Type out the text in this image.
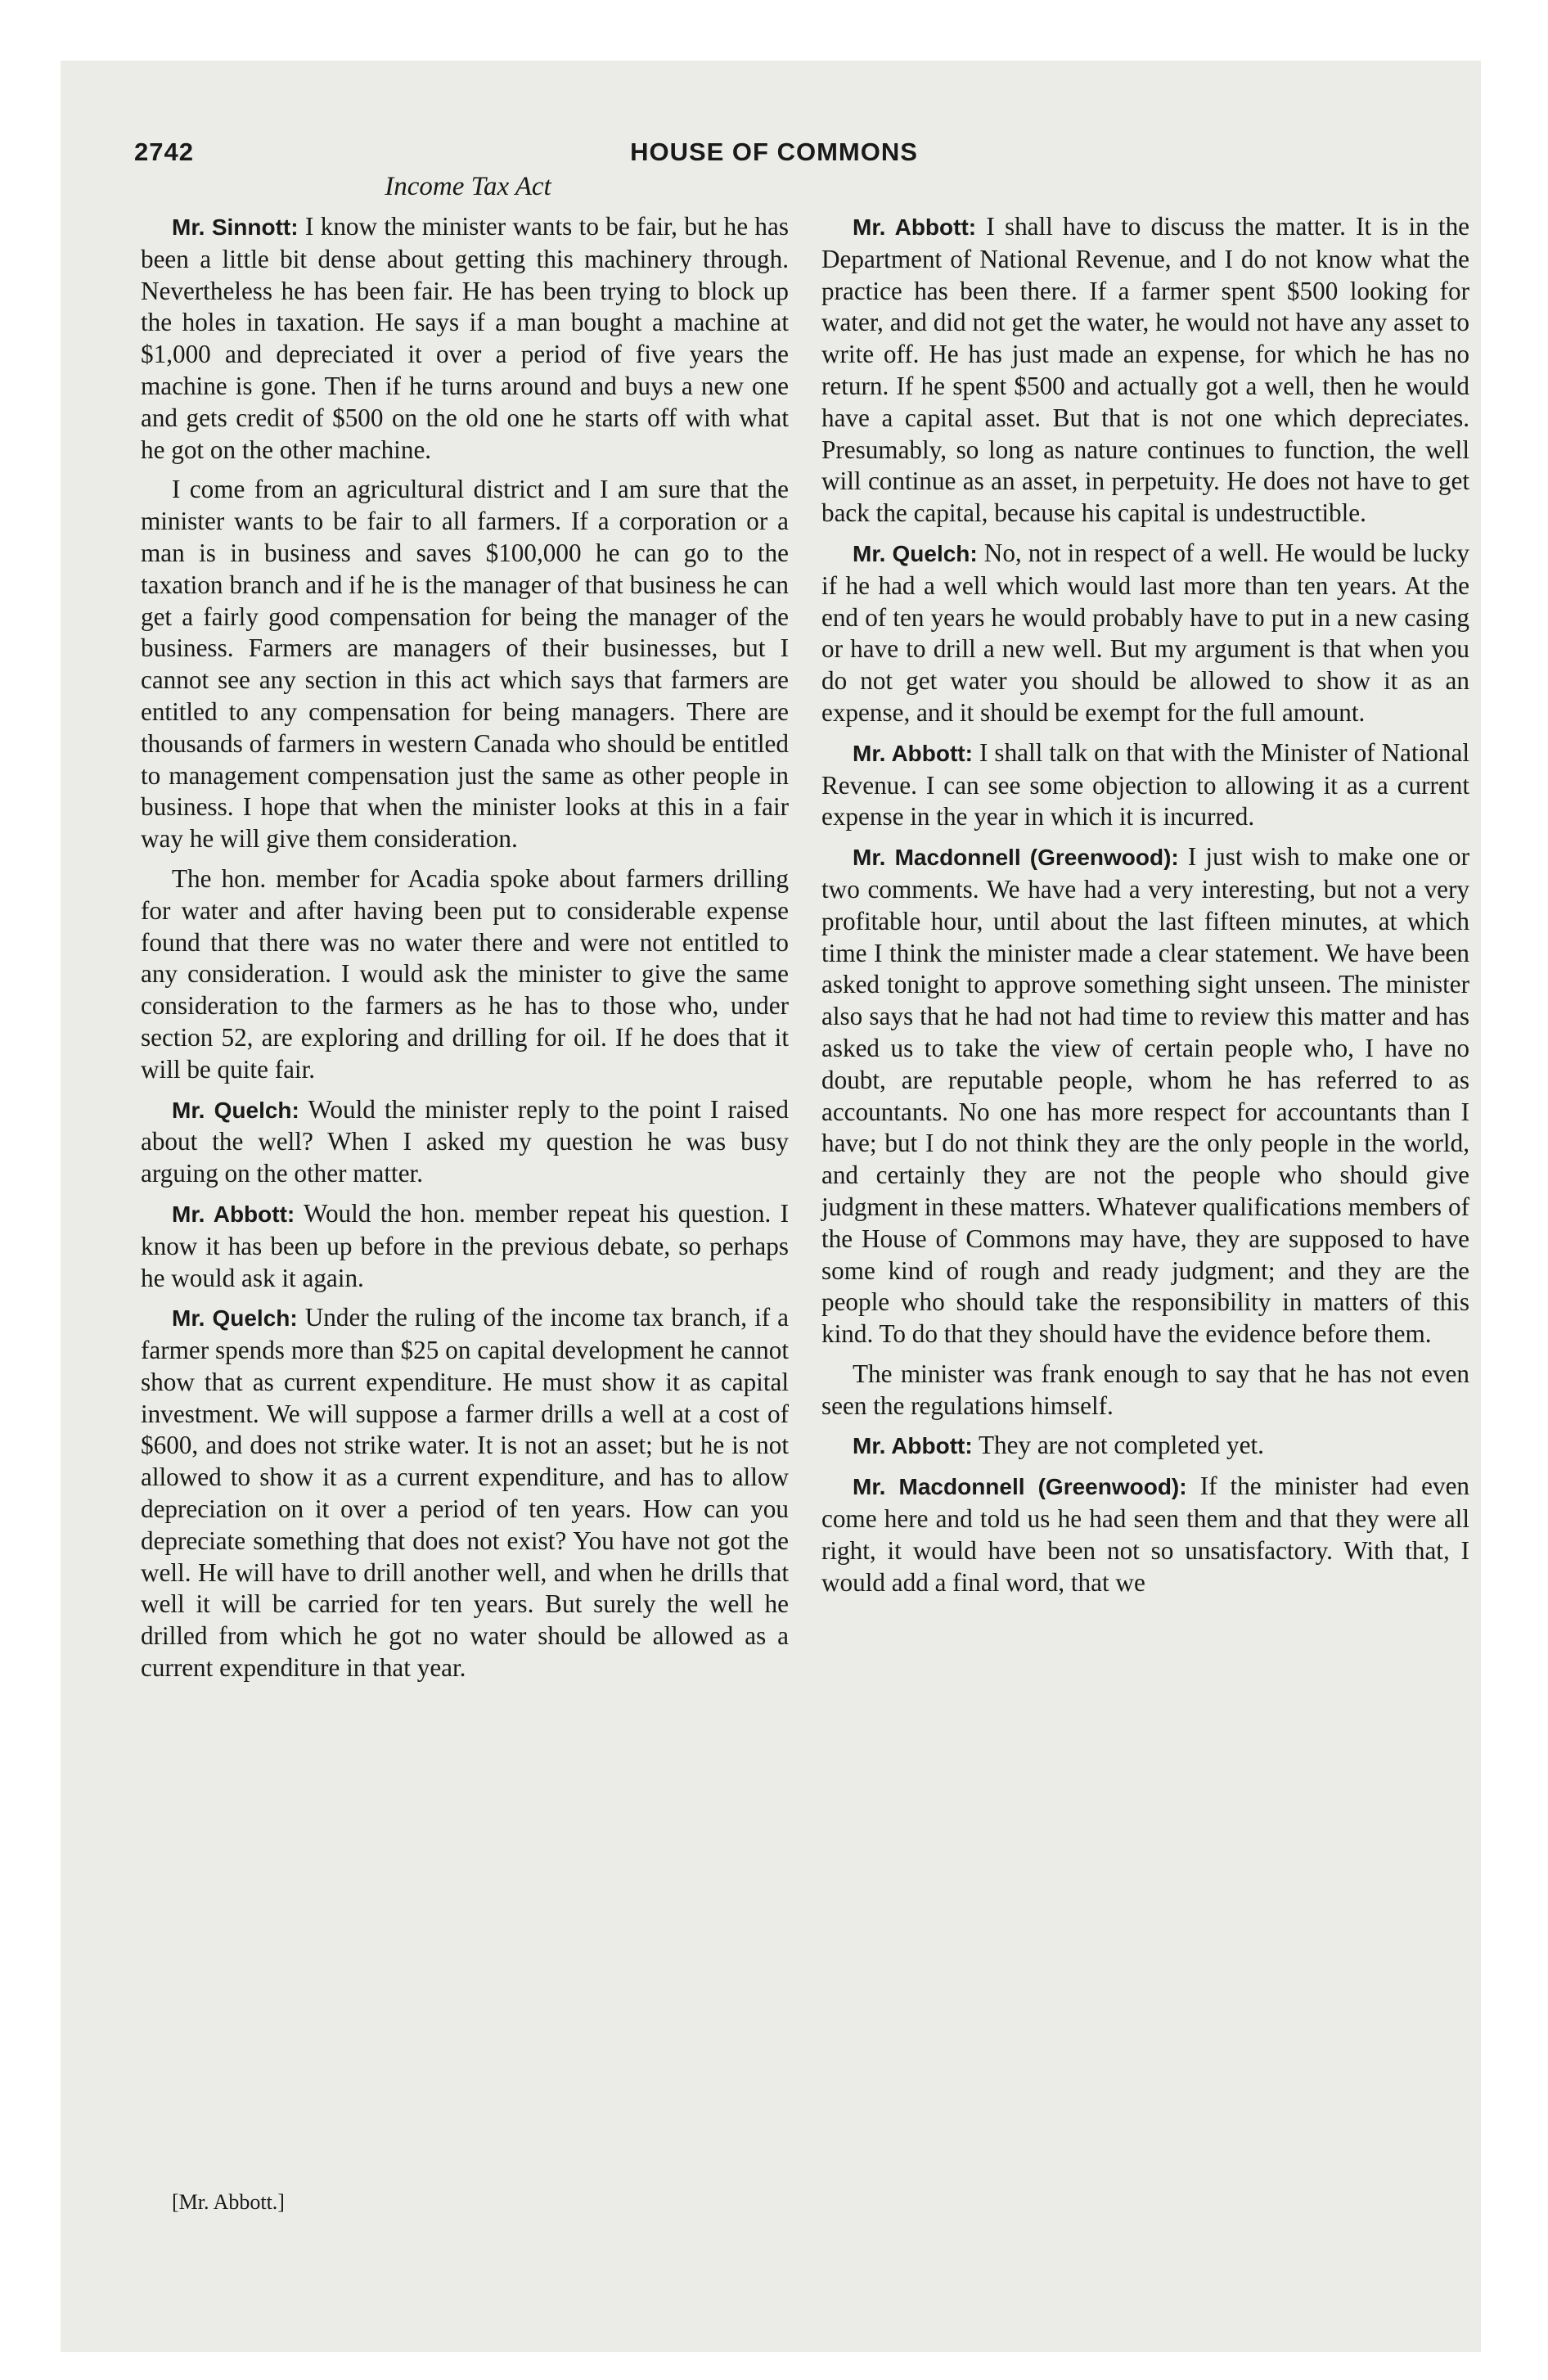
2742	HOUSE OF COMMONS
Income Tax Act

Mr. Sinnott: I know the minister wants to be fair, but he has been a little bit dense about getting this machinery through. Nevertheless he has been fair. He has been trying to block up the holes in taxation. He says if a man bought a machine at $1,000 and depreciated it over a period of five years the machine is gone. Then if he turns around and buys a new one and gets credit of $500 on the old one he starts off with what he got on the other machine.

I come from an agricultural district and I am sure that the minister wants to be fair to all farmers. If a corporation or a man is in business and saves $100,000 he can go to the taxation branch and if he is the manager of that business he can get a fairly good compensation for being the manager of the business. Farmers are managers of their businesses, but I cannot see any section in this act which says that farmers are entitled to any compensation for being managers. There are thousands of farmers in western Canada who should be entitled to management compensation just the same as other people in business. I hope that when the minister looks at this in a fair way he will give them consideration.

The hon. member for Acadia spoke about farmers drilling for water and after having been put to considerable expense found that there was no water there and were not entitled to any consideration. I would ask the minister to give the same consideration to the farmers as he has to those who, under section 52, are exploring and drilling for oil. If he does that it will be quite fair.

Mr. Quelch: Would the minister reply to the point I raised about the well? When I asked my question he was busy arguing on the other matter.

Mr. Abbott: Would the hon. member repeat his question. I know it has been up before in the previous debate, so perhaps he would ask it again.

Mr. Quelch: Under the ruling of the income tax branch, if a farmer spends more than $25 on capital development he cannot show that as current expenditure. He must show it as capital investment. We will suppose a farmer drills a well at a cost of $600, and does not strike water. It is not an asset; but he is not allowed to show it as a current expenditure, and has to allow depreciation on it over a period of ten years. How can you depreciate something that does not exist? You have not got the well. He will have to drill another well, and when he drills that well it will be carried for ten years. But surely the well he drilled from which he got no water should be allowed as a current expenditure in that year.

Mr. Abbott: I shall have to discuss the matter. It is in the Department of National Revenue, and I do not know what the practice has been there. If a farmer spent $500 looking for water, and did not get the water, he would not have any asset to write off. He has just made an expense, for which he has no return. If he spent $500 and actually got a well, then he would have a capital asset. But that is not one which depreciates. Presumably, so long as nature continues to function, the well will continue as an asset, in perpetuity. He does not have to get back the capital, because his capital is undestructible.

Mr. Quelch: No, not in respect of a well. He would be lucky if he had a well which would last more than ten years. At the end of ten years he would probably have to put in a new casing or have to drill a new well. But my argument is that when you do not get water you should be allowed to show it as an expense, and it should be exempt for the full amount.

Mr. Abbott: I shall talk on that with the Minister of National Revenue. I can see some objection to allowing it as a current expense in the year in which it is incurred.

Mr. Macdonnell (Greenwood): I just wish to make one or two comments. We have had a very interesting, but not a very profitable hour, until about the last fifteen minutes, at which time I think the minister made a clear statement. We have been asked tonight to approve something sight unseen. The minister also says that he had not had time to review this matter and has asked us to take the view of certain people who, I have no doubt, are reputable people, whom he has referred to as accountants. No one has more respect for accountants than I have; but I do not think they are the only people in the world, and certainly they are not the people who should give judgment in these matters. Whatever qualifications members of the House of Commons may have, they are supposed to have some kind of rough and ready judgment; and they are the people who should take the responsibility in matters of this kind. To do that they should have the evidence before them.

The minister was frank enough to say that he has not even seen the regulations himself.

Mr. Abbott: They are not completed yet.

Mr. Macdonnell (Greenwood): If the minister had even come here and told us he had seen them and that they were all right, it would have been not so unsatisfactory. With that, I would add a final word, that we

[Mr. Abbott.]
